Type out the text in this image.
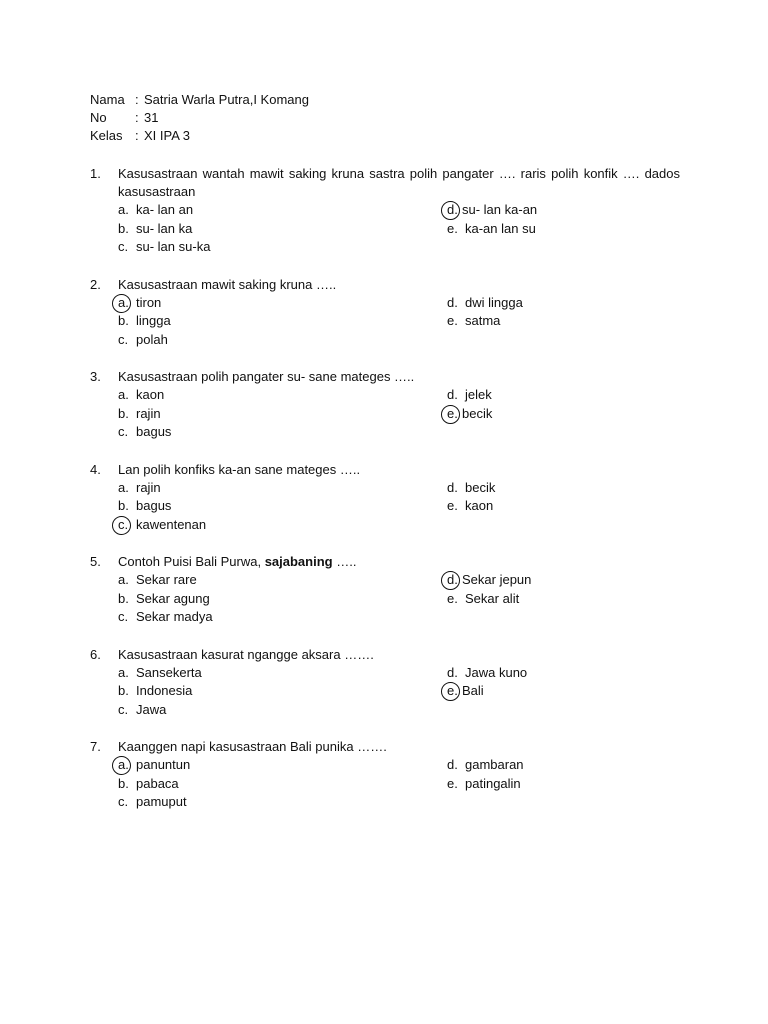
Nama : Satria Warla Putra,I Komang
No	: 31
Kelas : XI IPA 3
1.	Kasusastraan wantah mawit saking kruna sastra polih pangater …. raris polih konfik …. dados kasusastraan
a. ka- lan an	d. su- lan ka-an
b. su- lan ka	e. ka-an lan su
c. su- lan su-ka
2.	Kasusastraan mawit saking kruna …..
a. tiron	d. dwi lingga
b. lingga	e. satma
c. polah
3.	Kasusastraan polih pangater su- sane mateges …..
a. kaon	d. jelek
b. rajin	e. becik
c. bagus
4.	Lan polih konfiks ka-an sane mateges …..
a. rajin	d. becik
b. bagus	e. kaon
c. kawentenan
5.	Contoh Puisi Bali Purwa, sajabaning …..
a. Sekar rare	d. Sekar jepun
b. Sekar agung	e. Sekar alit
c. Sekar madya
6.	Kasusastraan kasurat ngangge aksara …….
a. Sansekerta	d. Jawa kuno
b. Indonesia	e. Bali
c. Jawa
7.	Kaanggen napi kasusastraan Bali punika …….
a. panuntun	d. gambaran
b. pabaca	e. patingalin
c. pamuput
